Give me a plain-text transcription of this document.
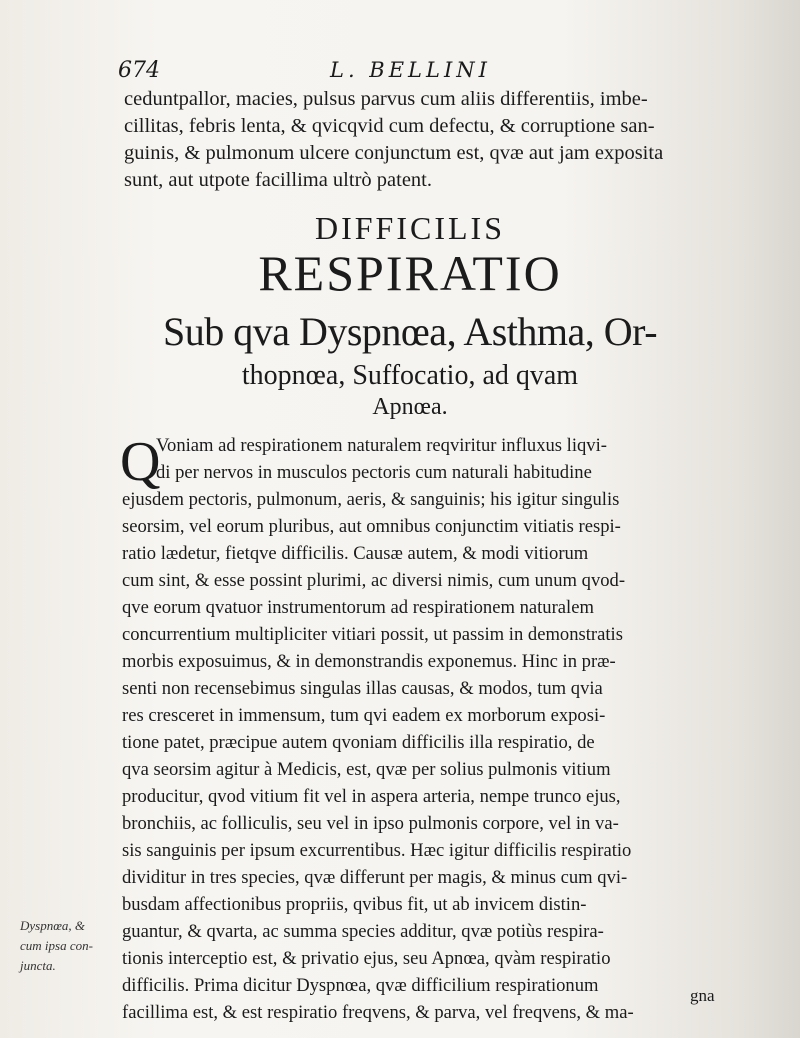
674	L. BELLINI
ceduntpallor, macies, pulsus parvus cum aliis differentiis, imbe-
cillitas, febris lenta, & qvicqvid cum defectu, & corruptione san-
guinis, & pulmonum ulcere conjunctum est, qvæ aut jam exposita
sunt, aut utpote facillima ultrò patent.
DIFFICILIS
RESPIRATIO
Sub qva Dyspnœa, Asthma, Or-
thopnœa, Suffocatio, ad qvam
Apnœa.
Q
Voniam ad respirationem naturalem reqviritur influxus liqvi-
di per nervos in musculos pectoris cum naturali habitudine
ejusdem pectoris, pulmonum, aeris, & sanguinis; his igitur singulis
seorsim, vel eorum pluribus, aut omnibus conjunctim vitiatis respi-
ratio lædetur, fietqve difficilis. Causæ autem, & modi vitiorum
cum sint, & esse possint plurimi, ac diversi nimis, cum unum qvod-
qve eorum qvatuor instrumentorum ad respirationem naturalem
concurrentium multipliciter vitiari possit, ut passim in demonstratis
morbis exposuimus, & in demonstrandis exponemus. Hinc in præ-
senti non recensebimus singulas illas causas, & modos, tum qvia
res cresceret in immensum, tum qvi eadem ex morborum exposi-
tione patet, præcipue autem qvoniam difficilis illa respiratio, de
qva seorsim agitur à Medicis, est, qvæ per solius pulmonis vitium
producitur, qvod vitium fit vel in aspera arteria, nempe trunco ejus,
bronchiis, ac folliculis, seu vel in ipso pulmonis corpore, vel in va-
sis sanguinis per ipsum excurrentibus. Hæc igitur difficilis respiratio
dividitur in tres species, qvæ differunt per magis, & minus cum qvi-
busdam affectionibus propriis, qvibus fit, ut ab invicem distin-
guantur, & qvarta, ac summa species additur, qvæ potiùs respira-
tionis interceptio est, & privatio ejus, seu Apnœa, qvàm respiratio
difficilis. Prima dicitur Dyspnœa, qvæ difficilium respirationum
facillima est, & est respiratio freqvens, & parva, vel freqvens, & ma-
gna
Dyspnœa, &
cum ipsa con-
juncta.
